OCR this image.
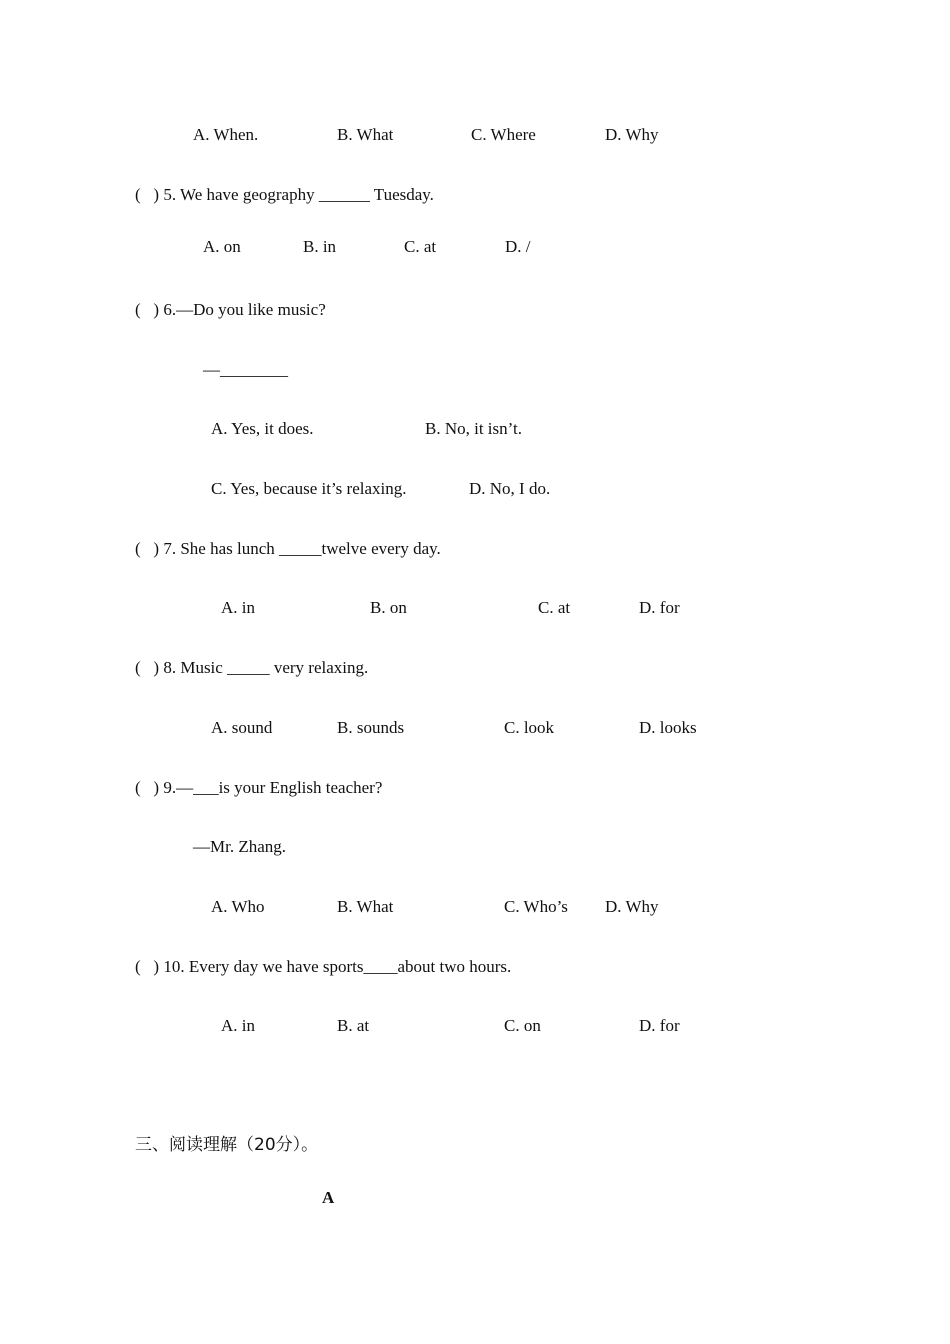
A. When.	B. What	C. Where	D. Why
(   ) 5. We have geography ______ Tuesday.
A. on	B. in	C. at	D. /
(   ) 6.—Do you like music?
—________
A. Yes, it does.	B. No, it isn’t.
C. Yes, because it’s relaxing.	D. No, I do.
(   ) 7. She has lunch _____twelve every day.
A. in	B. on	C. at	D. for
(   ) 8. Music _____ very relaxing.
A. sound	B. sounds	C. look	D. looks
(   ) 9.—___is your English teacher?
—Mr. Zhang.
A. Who	B. What	C. Who’s D. Why
(   ) 10. Every day we have sports____about two hours.
A. in	B. at	C. on	D. for
三、阅读理解（20分）。
A
